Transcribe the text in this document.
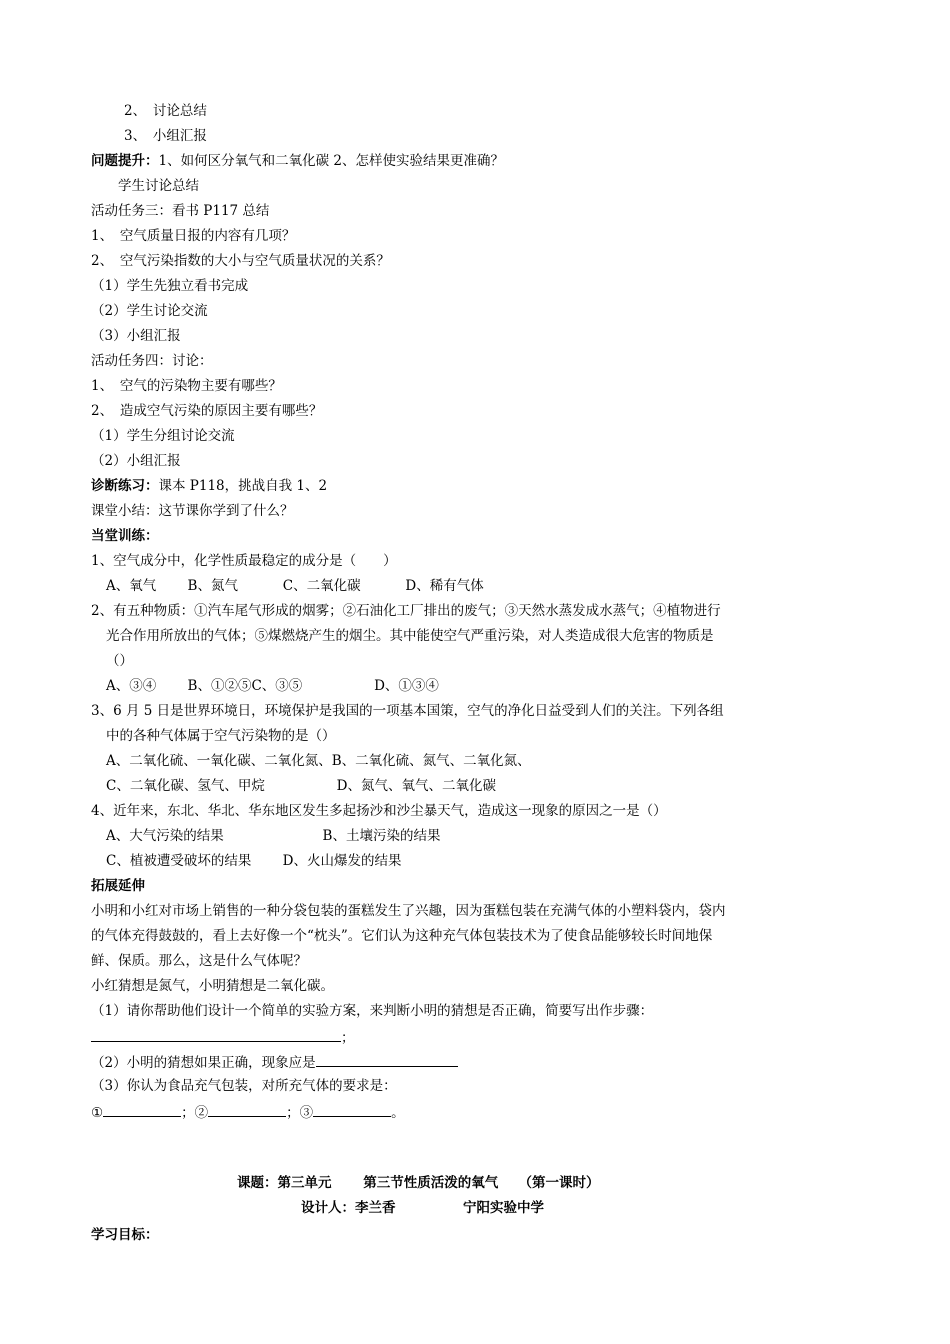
2、　讨论总结
3、　小组汇报
问题提升：1、如何区分氧气和二氧化碳 2、怎样使实验结果更准确？
学生讨论总结
活动任务三：看书 P117 总结
1、　空气质量日报的内容有几项？
2、　空气污染指数的大小与空气质量状况的关系？
（1）学生先独立看书完成
（2）学生讨论交流
（3）小组汇报
活动任务四：讨论：
1、　空气的污染物主要有哪些？
2、　造成空气污染的原因主要有哪些？
（1）学生分组讨论交流
（2）小组汇报
诊断练习：课本 P118，挑战自我 1、2
课堂小结：这节课你学到了什么？
当堂训练：
1、空气成分中，化学性质最稳定的成分是（　　）
A、氧气　　 B、氮气　　　 C、二氧化碳　　　 D、稀有气体
2、有五种物质：①汽车尾气形成的烟雾；②石油化工厂排出的废气；③天然水蒸发成水蒸气；④植物进行
光合作用所放出的气体；⑤煤燃烧产生的烟尘。其中能使空气严重污染，对人类造成很大危害的物质是
（）
A、③④　　 B、①②⑤C、③⑤　　　　　 D、①③④
3、6 月 5 日是世界环境日，环境保护是我国的一项基本国策，空气的净化日益受到人们的关注。下列各组
中的各种气体属于空气污染物的是（）
A、二氧化硫、一氧化碳、二氧化氮、B、二氧化硫、氮气、二氧化氮、
C、二氧化碳、氢气、甲烷　　　　　 D、氮气、氧气、二氧化碳
4、近年来，东北、华北、华东地区发生多起扬沙和沙尘暴天气，造成这一现象的原因之一是（）
A、大气污染的结果　　　　　　　 B、土壤污染的结果
C、植被遭受破坏的结果　　 D、火山爆发的结果
拓展延伸
小明和小红对市场上销售的一种分袋包装的蛋糕发生了兴趣，因为蛋糕包装在充满气体的小塑料袋内，袋内
的气体充得鼓鼓的，看上去好像一个“枕头”。它们认为这种充气体包装技术为了使食品能够较长时间地保
鲜、保质。那么，这是什么气体呢？
小红猜想是氮气，小明猜想是二氧化碳。
（1）请你帮助他们设计一个简单的实验方案，来判断小明的猜想是否正确，简要写出作步骤：
；
（2）小明的猜想如果正确，现象应是
（3）你认为食品充气包装，对所充气体的要求是：
①	；②	；③	。
课题：第三单元　　 第三节性质活泼的氧气　　（第一课时）
设计人：李兰香　　　　　宁阳实验中学
学习目标：
